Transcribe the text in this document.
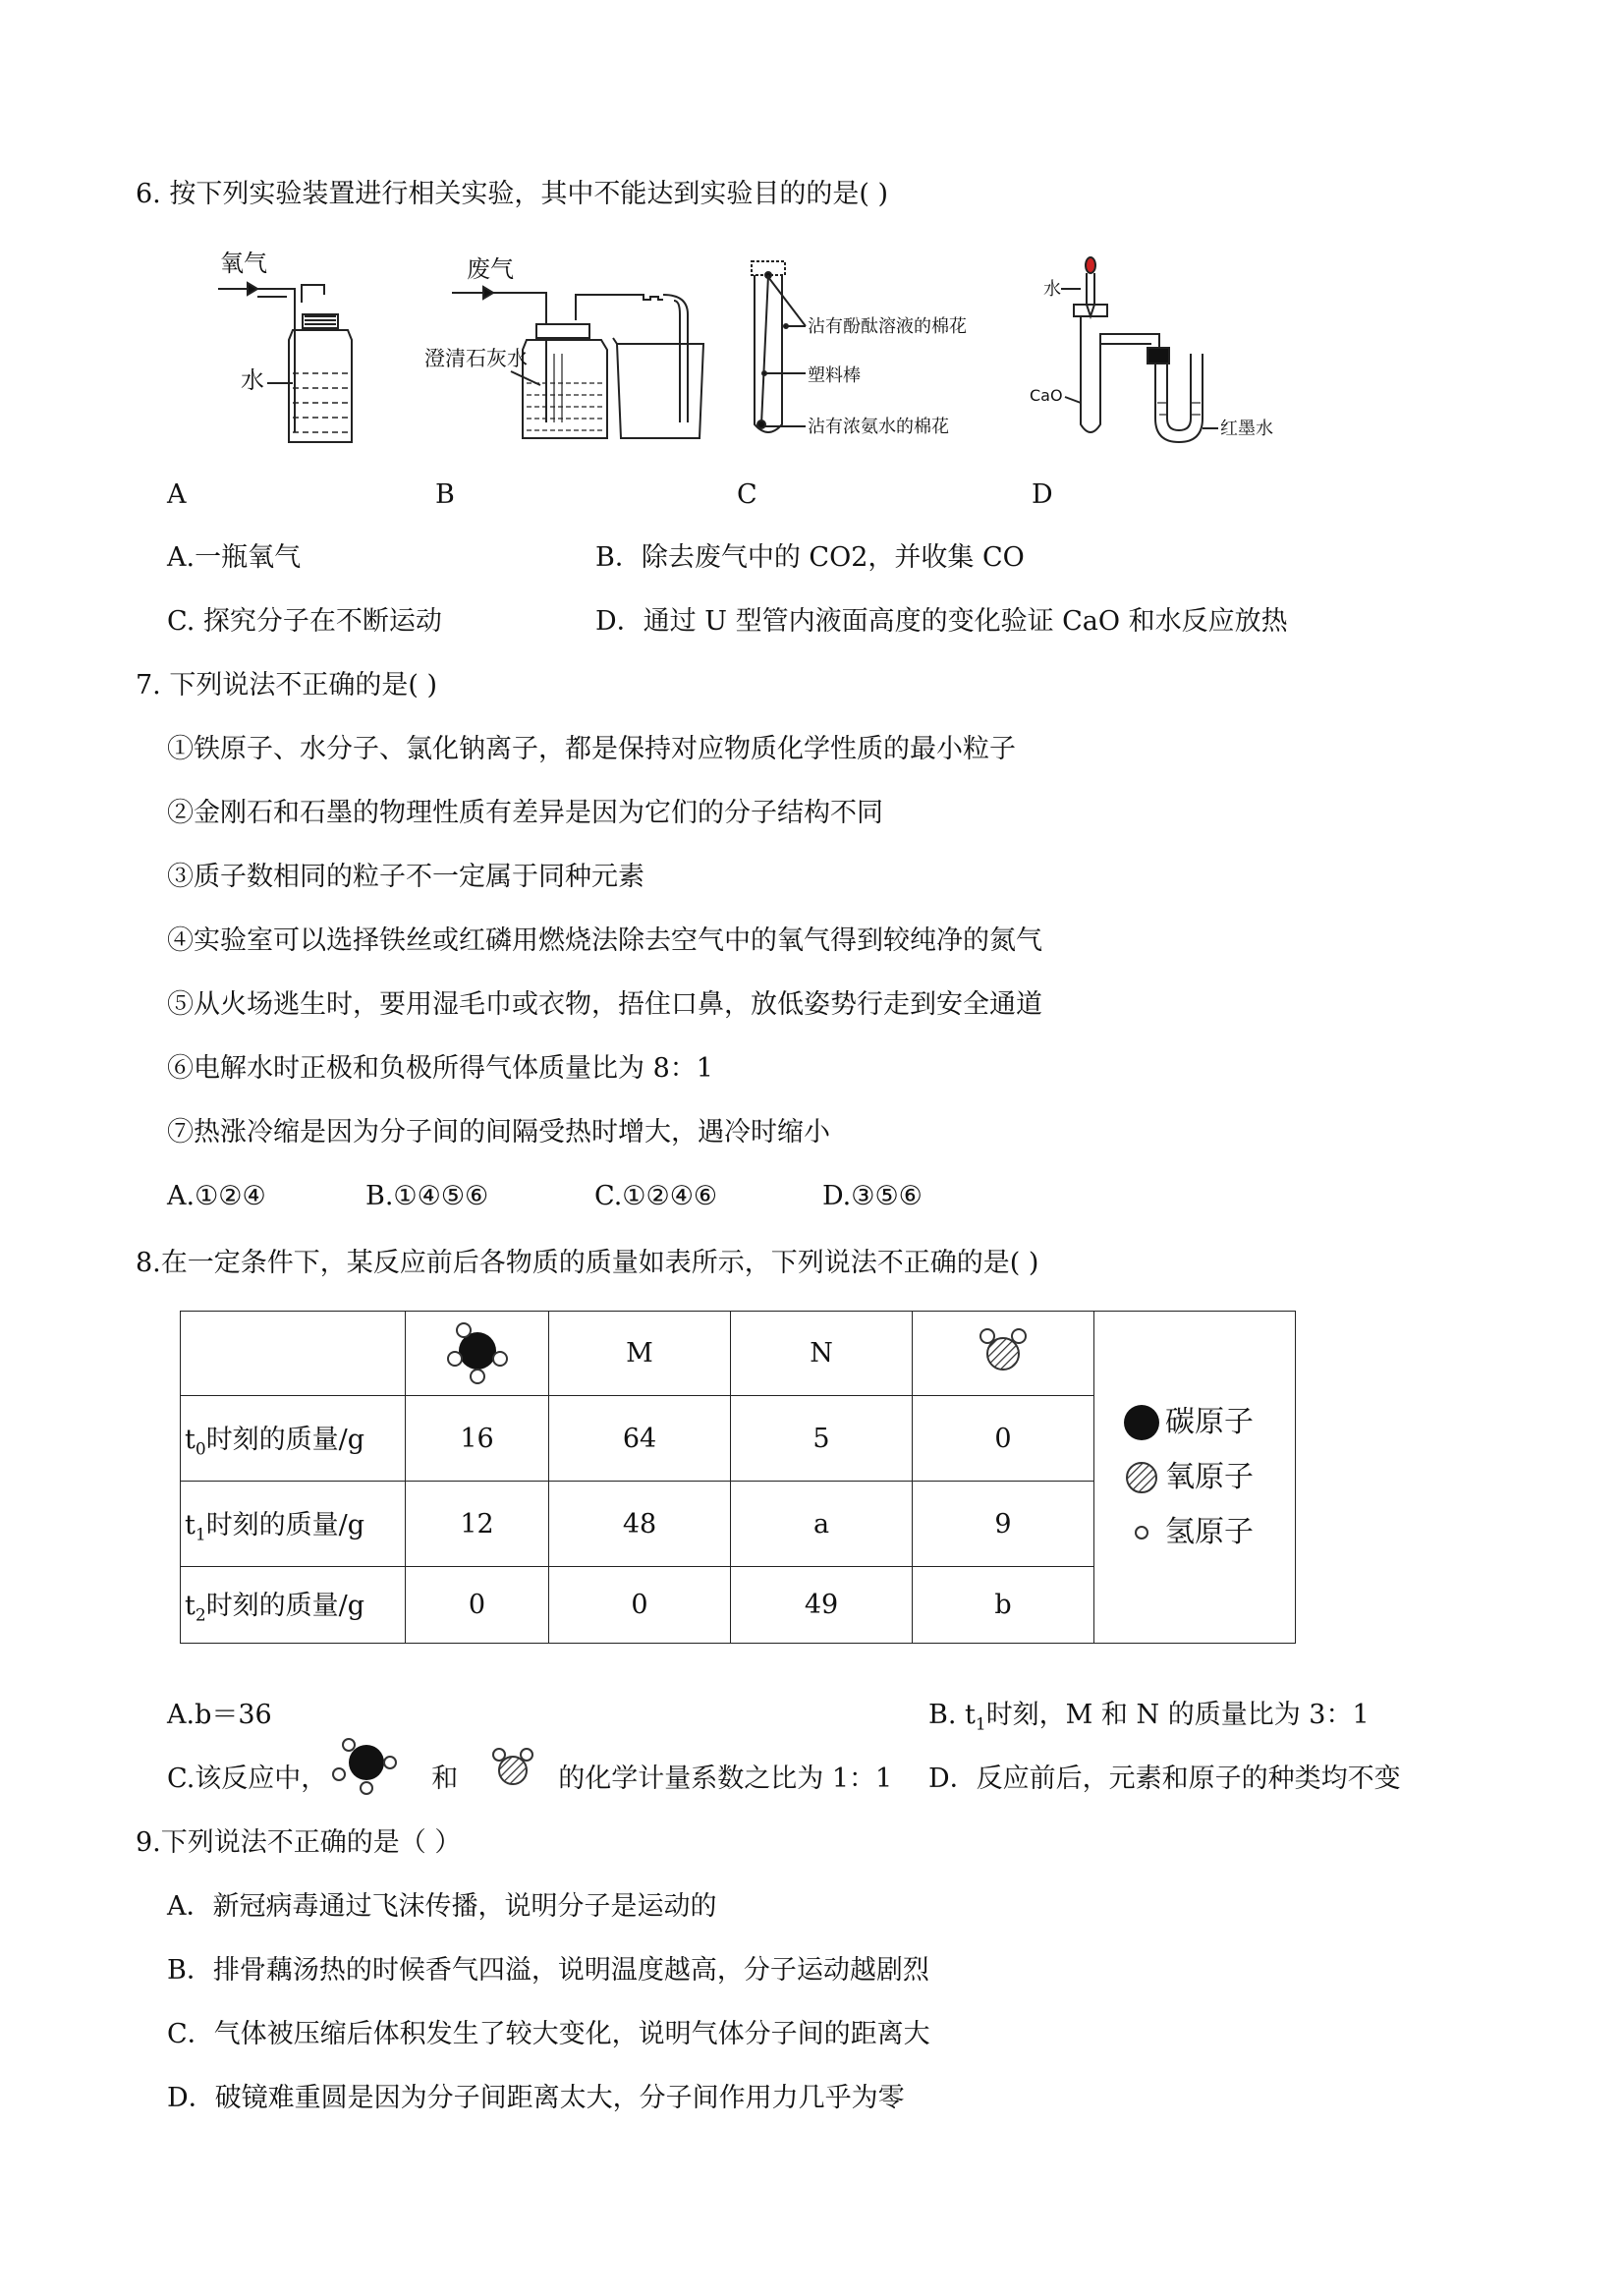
6. 按下列实验装置进行相关实验，其中不能达到实验目的的是( )
氧气
水
废气
澄清石灰水
沾有酚酞溶液的棉花
塑料棒
沾有浓氨水的棉花
水
CaO
红墨水
A	B	C	D
A.一瓶氧气	B．除去废气中的 CO2，并收集 CO
C. 探究分子在不断运动	D．通过 U 型管内液面高度的变化验证 CaO 和水反应放热
7. 下列说法不正确的是( )
①铁原子、水分子、氯化钠离子，都是保持对应物质化学性质的最小粒子
②金刚石和石墨的物理性质有差异是因为它们的分子结构不同
③质子数相同的粒子不一定属于同种元素
④实验室可以选择铁丝或红磷用燃烧法除去空气中的氧气得到较纯净的氮气
⑤从火场逃生时，要用湿毛巾或衣物，捂住口鼻，放低姿势行走到安全通道
⑥电解水时正极和负极所得气体质量比为 8：1
⑦热涨冷缩是因为分子间的间隔受热时增大，遇冷时缩小
A.①②④	B.①④⑤⑥	C.①②④⑥	D.③⑤⑥
8.在一定条件下，某反应前后各物质的质量如表所示，下列说法不正确的是( )
		M	N		碳原子
氧原子
氢原子

$t_0$时刻的质量/g	16	64	5	0	
$t_1$时刻的质量/g	12	48	a	9	
$t_2$时刻的质量/g	0	0	49	b	
A.b＝36	B. $t_1$时刻，M 和 N 的质量比为 3：1
C.该反应中，	和	的化学计量系数之比为 1：1 D．反应前后，元素和原子的种类均不变
9.下列说法不正确的是（ ）
A．新冠病毒通过飞沫传播，说明分子是运动的
B．排骨藕汤热的时候香气四溢，说明温度越高，分子运动越剧烈
C．气体被压缩后体积发生了较大变化，说明气体分子间的距离大
D．破镜难重圆是因为分子间距离太大，分子间作用力几乎为零
